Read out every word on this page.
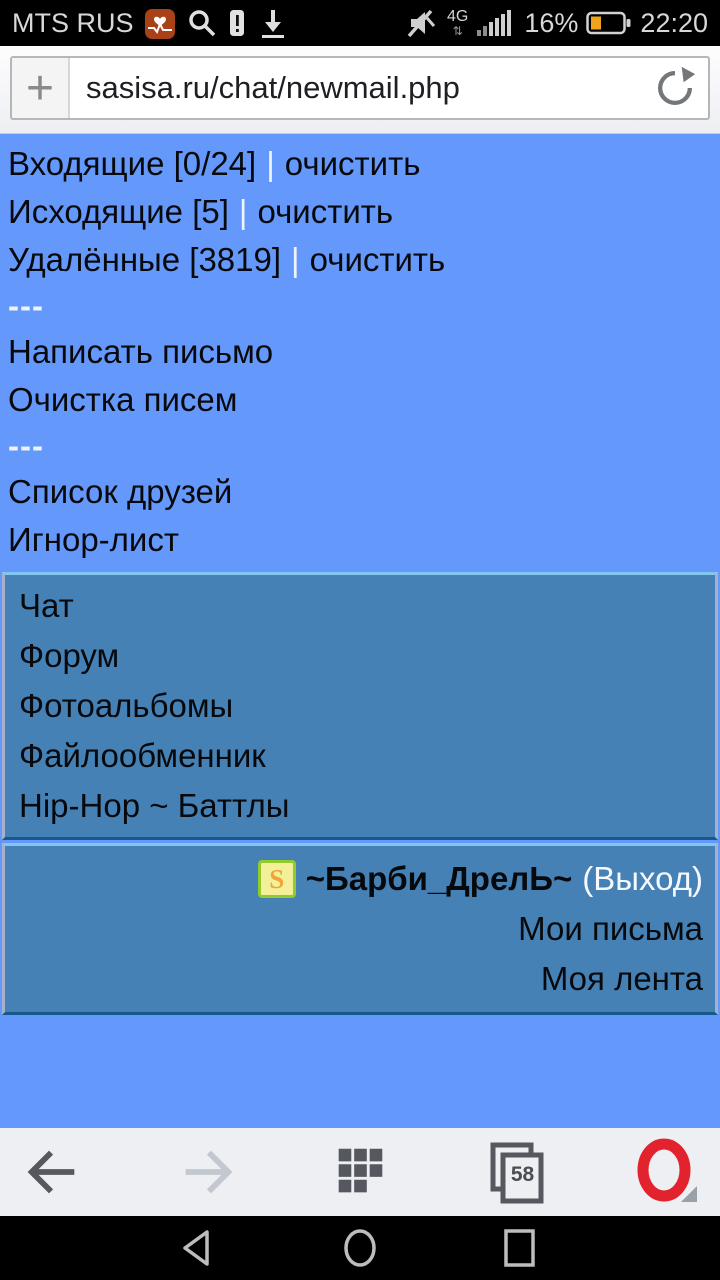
MTS RUS	4G
⇅ 16% 22:20
+	sasisa.ru/chat/newmail.php
Входящие [0/24] | очистить
Исходящие [5] | очистить
Удалённые [3819] | очистить
---
Написать письмо
Очистка писем
---
Список друзей
Игнор-лист
Чат
Форум
Фотоальбомы
Файлообменник
Hip-Hop ~ Баттлы
S ~Барби_ДрелЬ~ (Выход)
Мои письма
Моя лента
58
